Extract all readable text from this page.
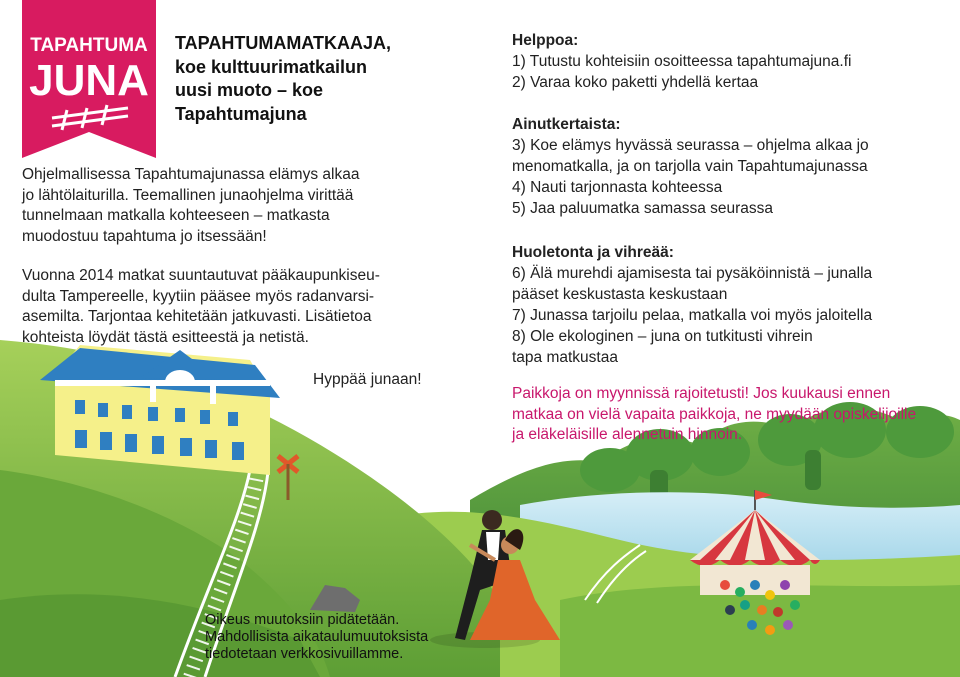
TAPAHTUMA
JUNA
TAPAHTUMAMATKAAJA,
koe kulttuurimatkailun
uusi muoto – koe
Tapahtumajuna

Ohjelmallisessa Tapahtumajunassa elämys alkaa
jo lähtölaiturilla. Teemallinen junaohjelma virittää
tunnelmaan matkalla kohteeseen – matkasta
muodostuu tapahtuma jo itsessään!

Vuonna 2014 matkat suuntautuvat pääkaupunkiseu-
dulta Tampereelle, kyytiin pääsee myös radanvarsi-
asemilta. Tarjontaa kehitetään jatkuvasti. Lisätietoa
kohteista löydät tästä esitteestä ja netistä.

Hyppää junaan!
Helppoa:
1) Tutustu kohteisiin osoitteessa tapahtumajuna.fi
2) Varaa koko paketti yhdellä kertaa
Ainutkertaista:
3) Koe elämys hyvässä seurassa – ohjelma alkaa jo
menomatkalla, ja on tarjolla vain Tapahtumajunassa
4) Nauti tarjonnasta kohteessa
5) Jaa paluumatka samassa seurassa
Huoletonta ja vihreää:
6) Älä murehdi ajamisesta tai pysäköinnistä – junalla
pääset keskustasta keskustaan
7) Junassa tarjoilu pelaa, matkalla voi myös jaloitella
8) Ole ekologinen – juna on tutkitusti vihrein
tapa matkustaa

Paikkoja on myynnissä rajoitetusti! Jos kuukausi ennen
matkaa on vielä vapaita paikkoja, ne myydään opiskelijoille
ja eläkeläisille alennetuin hinnoin.

Oikeus muutoksiin pidätetään.
Mahdollisista aikataulumuutoksista
tiedotetaan verkkosivuillamme.
